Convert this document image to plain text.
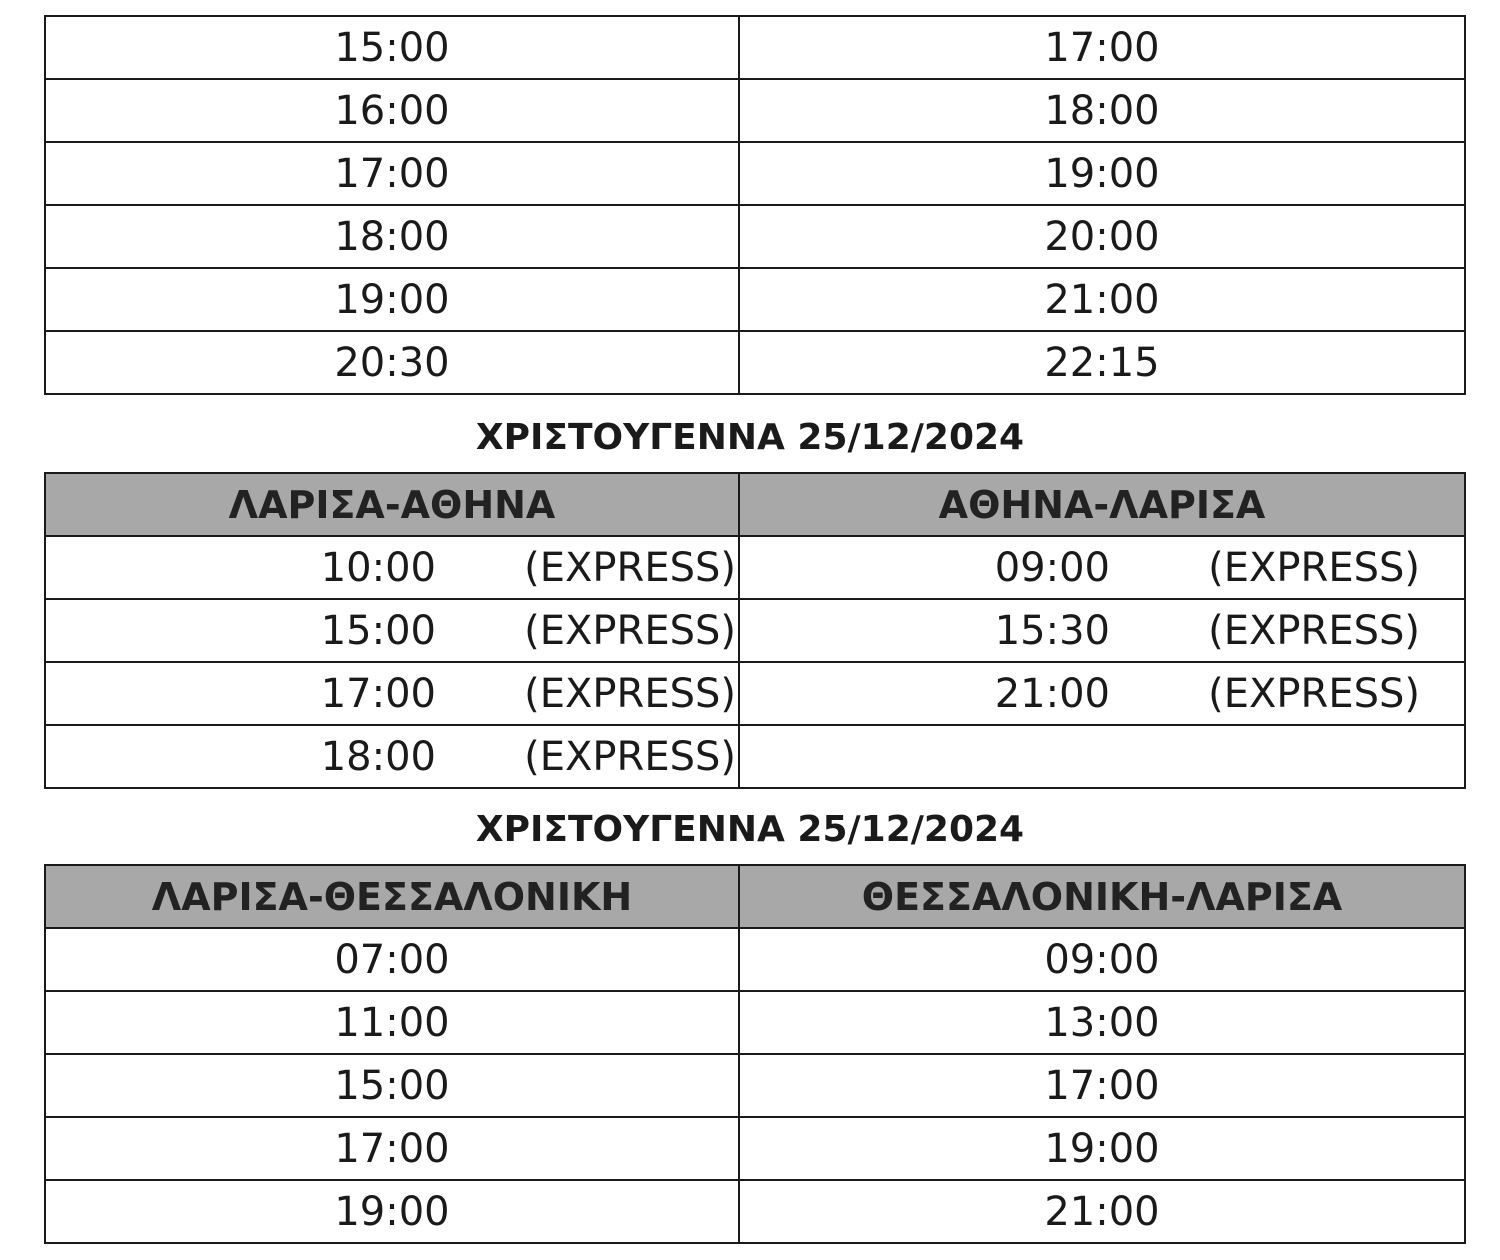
15:00	17:00
16:00	18:00
17:00	19:00
18:00	20:00
19:00	21:00
20:30	22:15
ΧΡΙΣΤΟΥΓΕΝΝΑ 25/12/2024
ΛΑΡΙΣΑ-ΑΘΗΝΑ	ΑΘΗΝΑ-ΛΑΡΙΣΑ

10:00 (EXPRESS)	09:00 (EXPRESS)

15:00 (EXPRESS)	15:30 (EXPRESS)

17:00 (EXPRESS)	21:00 (EXPRESS)

18:00 (EXPRESS)	

ΧΡΙΣΤΟΥΓΕΝΝΑ 25/12/2024
ΛΑΡΙΣΑ-ΘΕΣΣΑΛΟΝΙΚΗ	ΘΕΣΣΑΛΟΝΙΚΗ-ΛΑΡΙΣΑ
07:00	09:00
11:00	13:00
15:00	17:00
17:00	19:00
19:00	21:00
